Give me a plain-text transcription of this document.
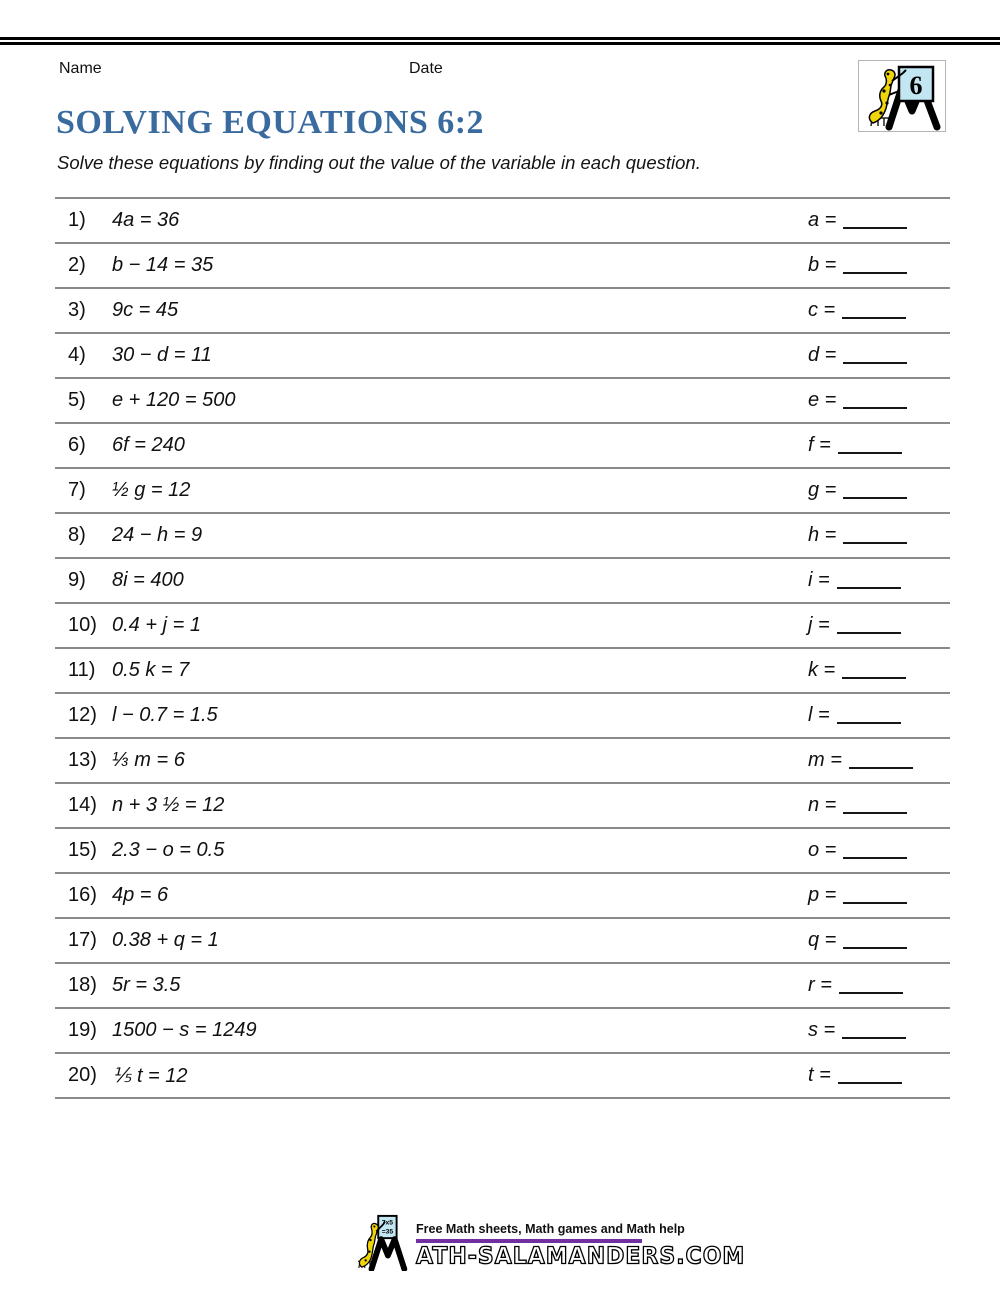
Name	Date
6
SOLVING EQUATIONS 6:2
Solve these equations by finding out the value of the variable in each question.
1)	4a = 36	a =
2)	b − 14 = 35	b =
3)	9c = 45	c =
4)	30 − d = 11	d =
5)	e + 120 = 500	e =
6)	6f = 240	f =
7)	½ g = 12	g =
8)	24 − h = 9	h =
9)	8i = 400	i =
10) 0.4 + j = 1	j =
11) 0.5 k = 7	k =
12) l − 0.7 = 1.5	l =
13) ⅓ m = 6	m =
14) n + 3 ½ = 12	n =
15) 2.3 − o = 0.5	o =
16) 4p = 6	p =
17) 0.38 + q = 1	q =
18) 5r = 3.5	r =
19) 1500 − s = 1249	s =
20) ⅕ t = 12	t =
7x5
=35 Free Math sheets, Math games and Math help
ATH-SALAMANDERS.COM
